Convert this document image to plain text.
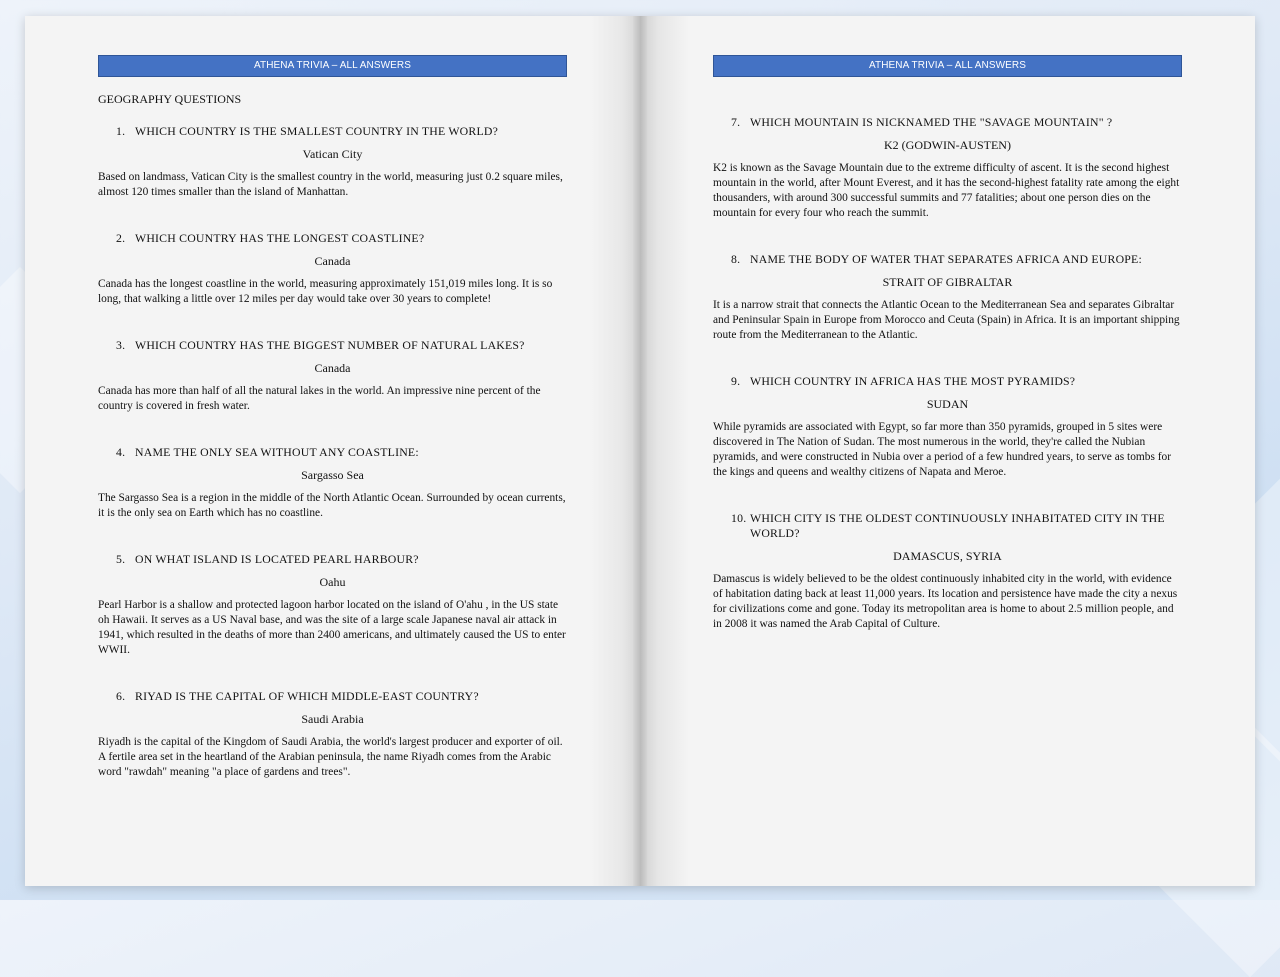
ATHENA TRIVIA – ALL ANSWERS
GEOGRAPHY QUESTIONS
1. WHICH COUNTRY IS THE SMALLEST COUNTRY IN THE WORLD?
Vatican City

Based on landmass, Vatican City is the smallest country in the world, measuring just 0.2 square miles, almost 120 times smaller than the island of Manhattan.

2. WHICH COUNTRY HAS THE LONGEST COASTLINE?
Canada

Canada has the longest coastline in the world, measuring approximately 151,019 miles long. It is so long, that walking a little over 12 miles per day would take over 30 years to complete!

3. WHICH COUNTRY HAS THE BIGGEST NUMBER OF NATURAL LAKES?
Canada

Canada has more than half of all the natural lakes in the world. An impressive nine percent of the country is covered in fresh water.

4. NAME THE ONLY SEA WITHOUT ANY COASTLINE:
Sargasso Sea

The Sargasso Sea is a region in the middle of the North Atlantic Ocean. Surrounded by ocean currents, it is the only sea on Earth which has no coastline.

5. ON WHAT ISLAND IS LOCATED PEARL HARBOUR?
Oahu

Pearl Harbor is a shallow and protected lagoon harbor located on the island of O'ahu , in the US state oh Hawaii. It serves as a US Naval base, and was the site of a large scale Japanese naval air attack in 1941, which resulted in the deaths of more than 2400 americans, and ultimately caused the US to enter WWII.

6. RIYAD IS THE CAPITAL OF WHICH MIDDLE-EAST COUNTRY?
Saudi Arabia

Riyadh is the capital of the Kingdom of Saudi Arabia, the world's largest producer and exporter of oil. A fertile area set in the heartland of the Arabian peninsula, the name Riyadh comes from the Arabic word "rawdah" meaning "a place of gardens and trees".

ATHENA TRIVIA – ALL ANSWERS
7. WHICH MOUNTAIN IS NICKNAMED THE "SAVAGE MOUNTAIN" ?
K2 (GODWIN-AUSTEN)

K2 is known as the Savage Mountain due to the extreme difficulty of ascent. It is the second highest mountain in the world, after Mount Everest, and it has the second-highest fatality rate among the eight thousanders, with around 300 successful summits and 77 fatalities; about one person dies on the mountain for every four who reach the summit.

8. NAME THE BODY OF WATER THAT SEPARATES AFRICA AND EUROPE:
STRAIT OF GIBRALTAR

It is a narrow strait that connects the Atlantic Ocean to the Mediterranean Sea and separates Gibraltar and Peninsular Spain in Europe from Morocco and Ceuta (Spain) in Africa. It is an important shipping route from the Mediterranean to the Atlantic.

9. WHICH COUNTRY IN AFRICA HAS THE MOST PYRAMIDS?
SUDAN

While pyramids are associated with Egypt, so far more than 350 pyramids, grouped in 5 sites were discovered in The Nation of Sudan. The most numerous in the world, they're called the Nubian pyramids, and were constructed in Nubia over a period of a few hundred years, to serve as tombs for the kings and queens and wealthy citizens of Napata and Meroe.

10. WHICH CITY IS THE OLDEST CONTINUOUSLY INHABITATED CITY IN THE WORLD?
DAMASCUS, SYRIA

Damascus is widely believed to be the oldest continuously inhabited city in the world, with evidence of habitation dating back at least 11,000 years. Its location and persistence have made the city a nexus for civilizations come and gone. Today its metropolitan area is home to about 2.5 million people, and in 2008 it was named the Arab Capital of Culture.
